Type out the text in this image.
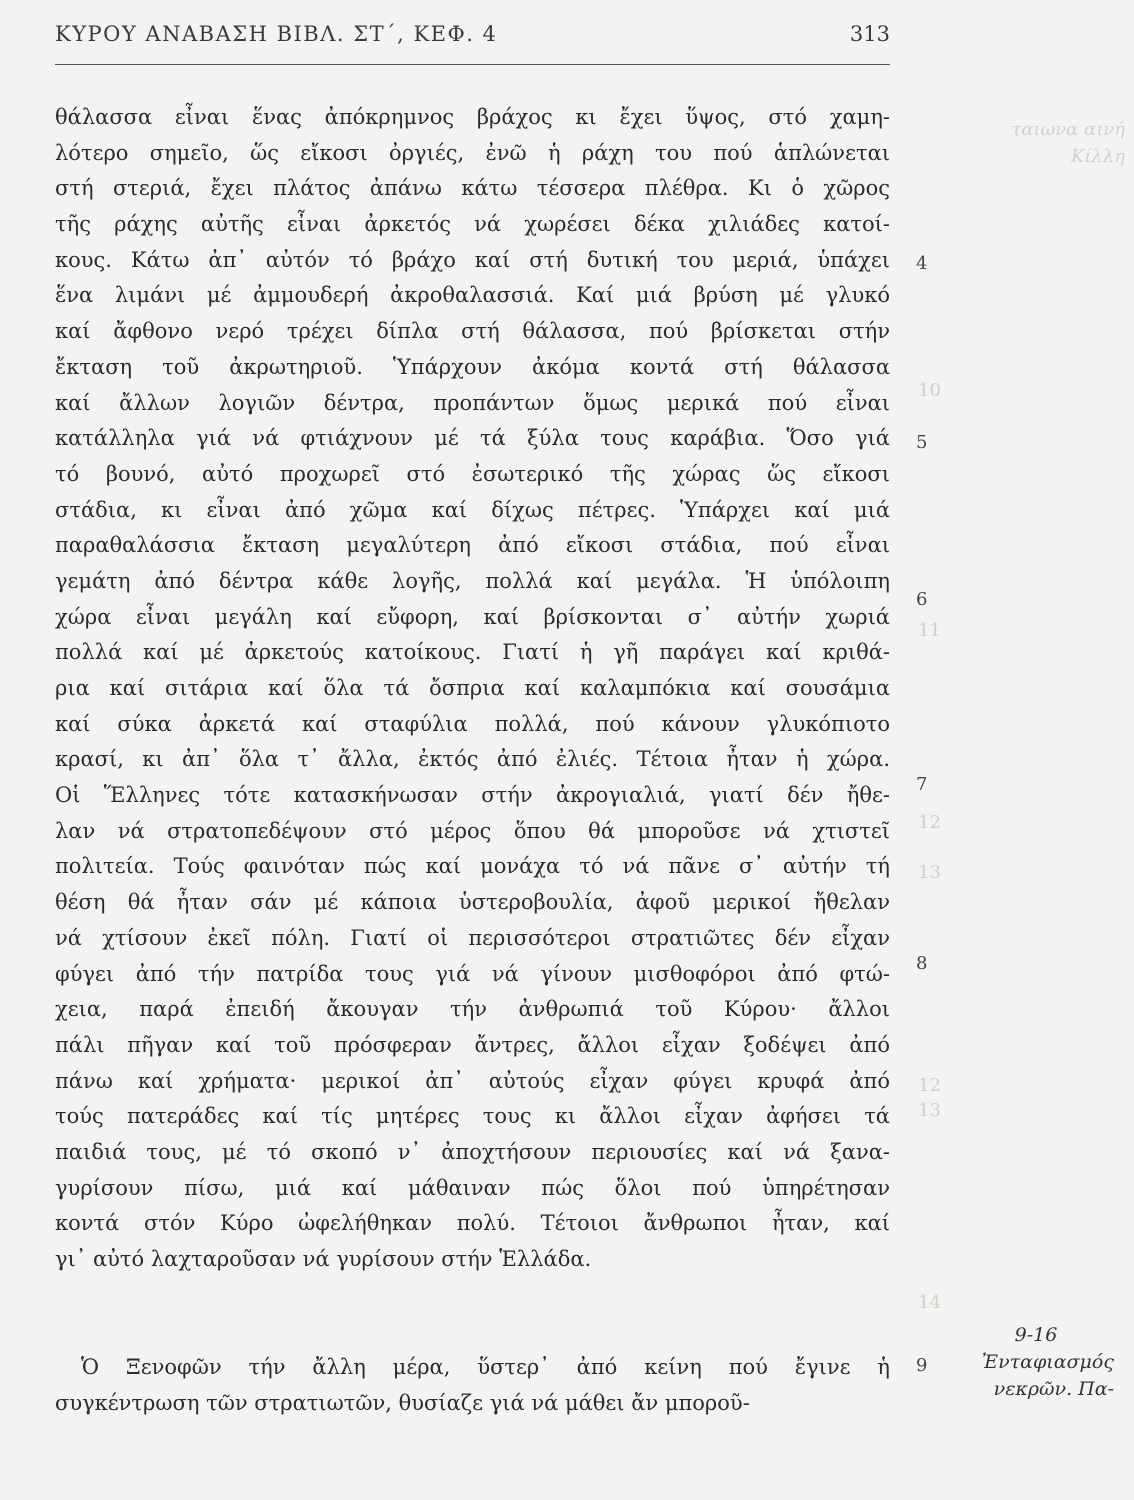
ταιωνα αινή
Κίλλη
10
11
12
13
12
13
14
ΚΥΡΟΥ ΑΝΑΒΑΣΗ ΒΙΒΛ. ΣΤ΄, ΚΕΦ. 4	313
θάλασσα εἶναι ἕνας ἀπόκρημνος βράχος κι ἔχει ὕψος, στό χαμη-
λότερο σημεῖο, ὥς εἴκοσι ὀργιές, ἐνῶ ἡ ράχη του πού ἁπλώνεται
στή στεριά, ἔχει πλάτος ἀπάνω κάτω τέσσερα πλέθρα. Κι ὁ χῶρος
τῆς ράχης αὐτῆς εἶναι ἀρκετός νά χωρέσει δέκα χιλιάδες κατοί-
κους. Κάτω ἀπ᾿ αὐτόν τό βράχο καί στή δυτική του μεριά, ὑπάχει
ἕνα λιμάνι μέ ἀμμουδερή ἀκροθαλασσιά. Καί μιά βρύση μέ γλυκό
καί ἄφθονο νερό τρέχει δίπλα στή θάλασσα, πού βρίσκεται στήν
ἔκταση τοῦ ἀκρωτηριοῦ. Ὑπάρχουν ἀκόμα κοντά στή θάλασσα
καί ἄλλων λογιῶν δέντρα, προπάντων ὅμως μερικά πού εἶναι
κατάλληλα γιά νά φτιάχνουν μέ τά ξύλα τους καράβια. Ὅσο γιά
τό βουνό, αὐτό προχωρεῖ στό ἐσωτερικό τῆς χώρας ὥς εἴκοσι
στάδια, κι εἶναι ἀπό χῶμα καί δίχως πέτρες. Ὑπάρχει καί μιά
παραθαλάσσια ἔκταση μεγαλύτερη ἀπό εἴκοσι στάδια, πού εἶναι
γεμάτη ἀπό δέντρα κάθε λογῆς, πολλά καί μεγάλα. Ἡ ὑπόλοιπη
χώρα εἶναι μεγάλη καί εὔφορη, καί βρίσκονται σ᾿ αὐτήν χωριά
πολλά καί μέ ἀρκετούς κατοίκους. Γιατί ἡ γῆ παράγει καί κριθά-
ρια καί σιτάρια καί ὅλα τά ὄσπρια καί καλαμπόκια καί σουσάμια
καί σύκα ἀρκετά καί σταφύλια πολλά, πού κάνουν γλυκόπιοτο
κρασί, κι ἀπ᾿ ὅλα τ᾿ ἄλλα, ἐκτός ἀπό ἐλιές. Τέτοια ἦταν ἡ χώρα.
Οἱ Ἕλληνες τότε κατασκήνωσαν στήν ἀκρογιαλιά, γιατί δέν ἤθε-
λαν νά στρατοπεδέψουν στό μέρος ὅπου θά μποροῦσε νά χτιστεῖ
πολιτεία. Τούς φαινόταν πώς καί μονάχα τό νά πᾶνε σ᾿ αὐτήν τή
θέση θά ἦταν σάν μέ κάποια ὑστεροβουλία, ἀφοῦ μερικοί ἤθελαν
νά χτίσουν ἐκεῖ πόλη. Γιατί οἱ περισσότεροι στρατιῶτες δέν εἶχαν
φύγει ἀπό τήν πατρίδα τους γιά νά γίνουν μισθοφόροι ἀπό φτώ-
χεια, παρά ἐπειδή ἄκουγαν τήν ἀνθρωπιά τοῦ Κύρου· ἄλλοι
πάλι πῆγαν καί τοῦ πρόσφεραν ἄντρες, ἄλλοι εἶχαν ξοδέψει ἀπό
πάνω καί χρήματα· μερικοί ἀπ᾿ αὐτούς εἶχαν φύγει κρυφά ἀπό
τούς πατεράδες καί τίς μητέρες τους κι ἄλλοι εἶχαν ἀφήσει τά
παιδιά τους, μέ τό σκοπό ν᾿ ἀποχτήσουν περιουσίες καί νά ξανα-
γυρίσουν πίσω, μιά καί μάθαιναν πώς ὅλοι πού ὑπηρέτησαν
κοντά στόν Κύρο ὠφελήθηκαν πολύ. Τέτοιοι ἄνθρωποι ἦταν, καί
γι᾿ αὐτό λαχταροῦσαν νά γυρίσουν στήν Ἑλλάδα.
Ὁ Ξενοφῶν τήν ἄλλη μέρα, ὕστερ᾿ ἀπό κείνη πού ἔγινε ἡ
συγκέντρωση τῶν στρατιωτῶν, θυσίαζε γιά νά μάθει ἄν μποροῦ-
4
5
6
7
8
9
9-16
Ἐνταφιασμός
νεκρῶν. Πα-
